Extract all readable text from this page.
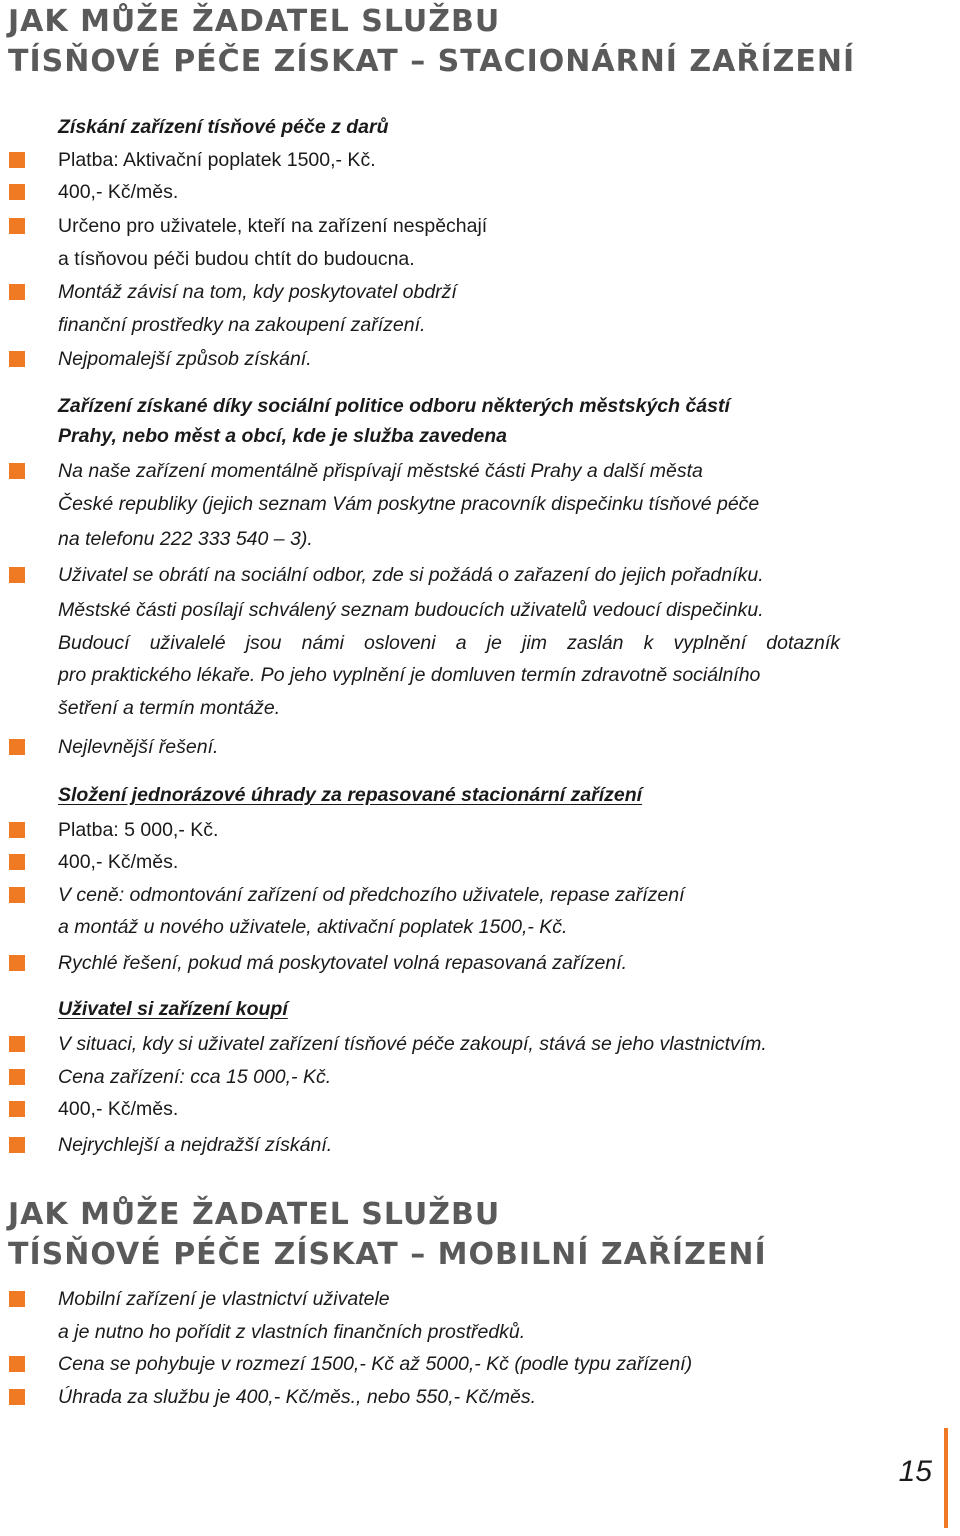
JAK MŮŽE ŽADATEL SLUŽBU
TÍSŇOVÉ PÉČE ZÍSKAT – STACIONÁRNÍ ZAŘÍZENÍ
Získání zařízení tísňové péče z darů
Platba: Aktivační poplatek 1500,- Kč.
400,- Kč/měs.
Určeno pro uživatele, kteří na zařízení nespěchají
a tísňovou péči budou chtít do budoucna.
Montáž závisí na tom, kdy poskytovatel obdrží
finanční prostředky na zakoupení zařízení.
Nejpomalejší způsob získání.
Zařízení získané díky sociální politice odboru některých městských částí
Prahy, nebo měst a obcí, kde je služba zavedena
Na naše zařízení momentálně přispívají městské části Prahy a další města
České republiky (jejich seznam Vám poskytne pracovník dispečinku tísňové péče
na telefonu 222 333 540 – 3).
Uživatel se obrátí na sociální odbor, zde si požádá o zařazení do jejich pořadníku.
Městské části posílají schválený seznam budoucích uživatelů vedoucí dispečinku.
Budoucí uživalelé jsou námi osloveni a je jim zaslán k vyplnění dotazník
pro praktického lékaře. Po jeho vyplnění je domluven termín zdravotně sociálního
šetření a termín montáže.
Nejlevnější řešení.
Složení jednorázové úhrady za repasované stacionární zařízení
Platba: 5 000,- Kč.
400,- Kč/měs.
V ceně: odmontování zařízení od předchozího uživatele, repase zařízení
a montáž u nového uživatele, aktivační poplatek 1500,- Kč.
Rychlé řešení, pokud má poskytovatel volná repasovaná zařízení.
Uživatel si zařízení koupí
V situaci, kdy si uživatel zařízení tísňové péče zakoupí, stává se jeho vlastnictvím.
Cena zařízení: cca 15 000,- Kč.
400,- Kč/měs.
Nejrychlejší a nejdražší získání.
JAK MŮŽE ŽADATEL SLUŽBU
TÍSŇOVÉ PÉČE ZÍSKAT – MOBILNÍ ZAŘÍZENÍ
Mobilní zařízení je vlastnictví uživatele
a je nutno ho pořídit z vlastních finančních prostředků.
Cena se pohybuje v rozmezí 1500,- Kč až 5000,- Kč (podle typu zařízení)
Úhrada za službu je 400,- Kč/měs., nebo 550,- Kč/měs.
15
